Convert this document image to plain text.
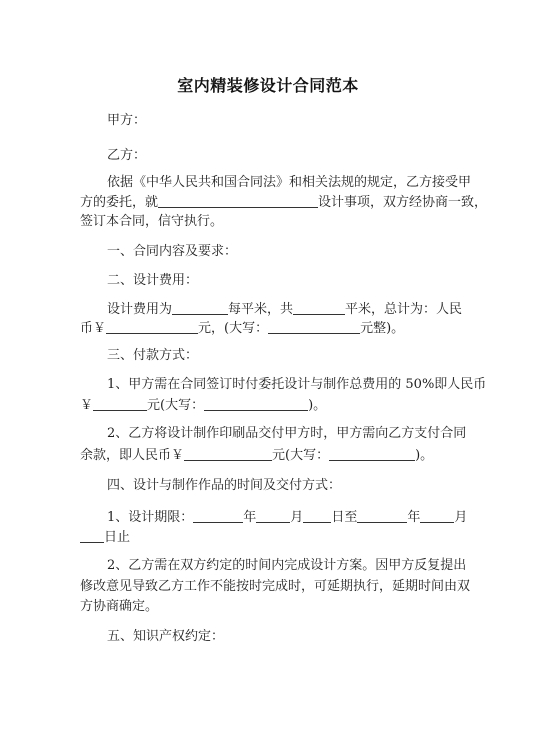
室内精装修设计合同范本
甲方：
乙方：
依据《中华人民共和国合同法》和相关法规的规定，乙方接受甲
方的委托，就	设计事项，双方经协商一致，
签订本合同，信守执行。
一、合同内容及要求：
二、设计费用：
设计费用为	每平米，共	平米，总计为：人民
币￥	元，(大写：	元整)。
三、付款方式：
1、甲方需在合同签订时付委托设计与制作总费用的 50%即人民币
￥	元(大写：	)。
2、乙方将设计制作印刷品交付甲方时，甲方需向乙方支付合同
余款，即人民币￥	元(大写：	)。
四、设计与制作作品的时间及交付方式：
1、设计期限：	年	月 日至	年	月
日止
2、乙方需在双方约定的时间内完成设计方案。因甲方反复提出
修改意见导致乙方工作不能按时完成时，可延期执行，延期时间由双
方协商确定。
五、知识产权约定：
